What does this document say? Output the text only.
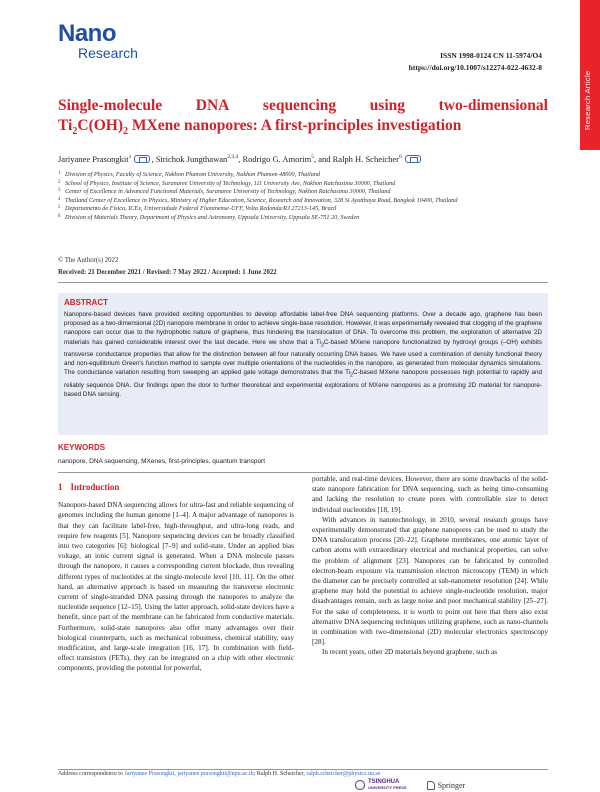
Research Article
Nano
Research	ISSN 1998-0124 CN 11-5974/O4
https://doi.org/10.1007/s12274-022-4632-8
Single-molecule DNA sequencing using two-dimensional
$Ti_2C(OH)_2$ MXene nanopores: A first-principles investigation
Jariyanee Prasongkit$^1$ , Sirichok Jungthawan$^{2,3,4}$, Rodrigo G. Amorim$^5$, and Ralph H. Scheicher$^6$
1 Division of Physics, Faculty of Science, Nakhon Phanom University, Nakhon Phanom 48000, Thailand
2 School of Physics, Institute of Science, Suranaree University of Technology, 111 University Ave, Nakhon Ratchasima 30000, Thailand
3 Center of Excellence in Advanced Functional Materials, Suranaree University of Technology, Nakhon Ratchasima 30000, Thailand
4 Thailand Center of Excellence in Physics, Ministry of Higher Education, Science, Research and Innovation, 328 Si Ayutthaya Road, Bangkok 10400, Thailand
5 Departamento de Física, ICEx, Universidade Federal Fluminense-UFF, Volta Redonda/RJ 27213-145, Brazil
6 Division of Materials Theory, Department of Physics and Astronomy, Uppsala University, Uppsala SE-751 20, Sweden
© The Author(s) 2022
Received: 21 December 2021 / Revised: 7 May 2022 / Accepted: 1 June 2022
ABSTRACT
Nanopore-based devices have provided exciting opportunities to develop affordable label-free DNA sequencing platforms. Over a decade ago, graphene has been proposed as a two-dimensional (2D) nanopore membrane in order to achieve single-base resolution. However, it was experimentally revealed that clogging of the graphene nanopore can occur due to the hydrophobic nature of graphene, thus hindering the translocation of DNA. To overcome this problem, the exploration of alternative 2D materials has gained considerable interest over the last decade. Here we show that a $Ti_2C$-based MXene nanopore functionalized by hydroxyl groups (–OH) exhibits transverse conductance properties that allow for the distinction between all four naturally occurring DNA bases. We have used a combination of density functional theory and non-equilibrium Green's function method to sample over multiple orientations of the nucleotides in the nanopore, as generated from molecular dynamics simulations. The conductance variation resulting from sweeping an applied gate voltage demonstrates that the $Ti_2C$-based MXene nanopore possesses high potential to rapidly and reliably sequence DNA. Our findings open the door to further theoretical and experimental explorations of MXene nanopores as a promising 2D material for nanopore-based DNA sensing.
KEYWORDS
nanopore, DNA sequencing, MXenes, first-principles, quantum transport
1 Introduction

Nanopore-based DNA sequencing allows for ultra-fast and reliable sequencing of genomes including the human genome [1–4]. A major advantage of nanopores is that they can facilitate label-free, high-throughput, and ultra-long reads, and require few reagents [5]. Nanopore sequencing devices can be broadly classified into two categories [6]: biological [7–9] and solid-state. Under an applied bias voltage, an ionic current signal is generated. When a DNA molecule passes through the nanopore, it causes a corresponding current blockade, thus revealing different types of nucleotides at the single-molecule level [10, 11]. On the other hand, an alternative approach is based on measuring the transverse electronic current of single-stranded DNA passing through the nanopores to analyze the nucleotide sequence [12–15]. Using the latter approach, solid-state devices have a benefit, since part of the membrane can be fabricated from conductive materials. Furthermore, solid-state nanopores also offer many advantages over their biological counterparts, such as mechanical robustness, chemical stability, easy modification, and large-scale integration [16, 17]. In combination with field-effect transistors (FETs), they can be integrated on a chip with other electronic components, providing the potential for powerful,

portable, and real-time devices. However, there are some drawbacks of the solid-state nanopore fabrication for DNA sequencing, such as being time-consuming and lacking the resolution to create pores with controllable size to detect individual nucleotides [18, 19].

With advances in nanotechnology, in 2010, several research groups have experimentally demonstrated that graphene nanopores can be used to study the DNA translocation process [20–22]. Graphene membranes, one atomic layer of carbon atoms with extraordinary electrical and mechanical properties, can solve the problem of alignment [23]. Nanopores can be fabricated by controlled electron-beam exposure via transmission electron microscopy (TEM) in which the diameter can be precisely controlled at sub-nanometer resolution [24]. While graphene may hold the potential to achieve single-nucleotide resolution, major disadvantages remain, such as large noise and poor mechanical stability [25–27]. For the sake of completeness, it is worth to point out here that there also exist alternative DNA sequencing techniques utilizing graphene, such as nano-channels in combination with two-dimensional (2D) molecular electronics spectroscopy [28].

In recent years, other 2D materials beyond graphene, such as

Address correspondence to Jariyanee Prasongkit, jariyanee.prasongkit@npu.ac.th; Ralph H. Scheicher, ralph.scheicher@physics.uu.se
TSINGHUA
UNIVERSITY PRESS	Springer
